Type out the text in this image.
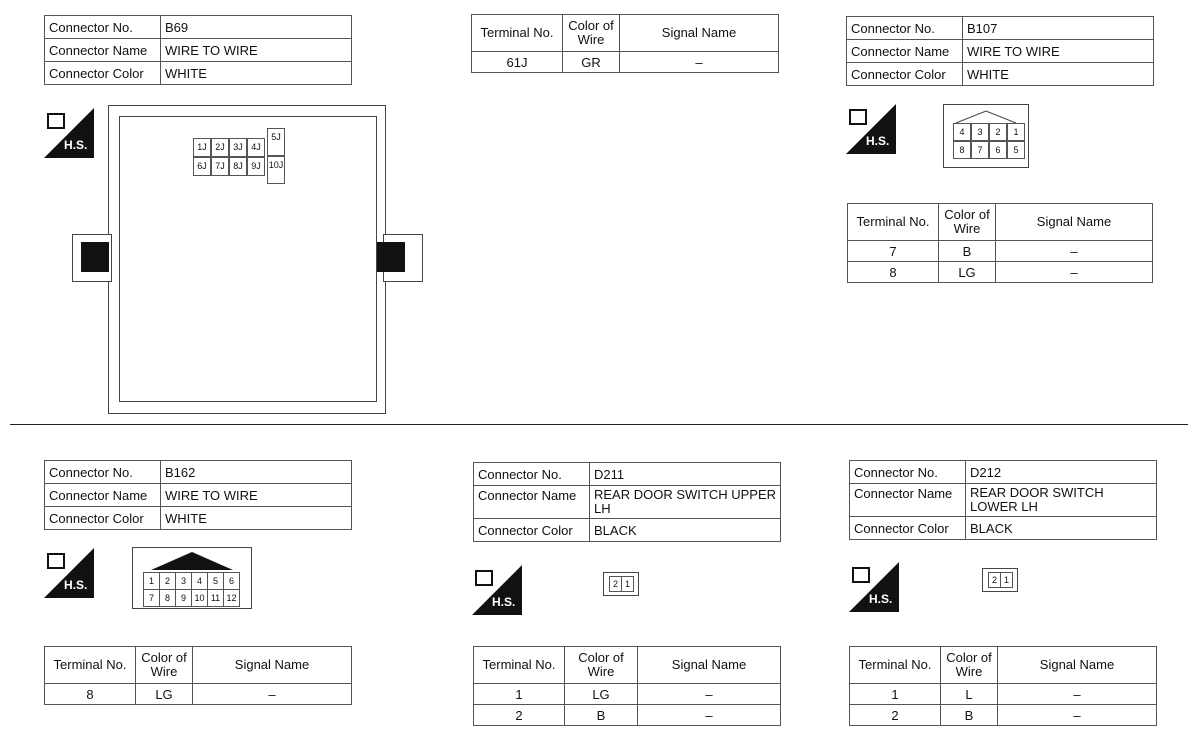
Connector No.	B69
Connector Name	WIRE TO WIRE
Connector Color	WHITE
H.S.	1J 2J 3J 4J
6J 7J 8J 9J
5J
10J
Terminal No.	Color of Wire	Signal Name
61J	GR	–
Connector No.	B107
Connector Name	WIRE TO WIRE
Connector Color	WHITE
H.S.
4	3	2	1
8	7	6	5
Terminal No.	Color of Wire	Signal Name
7	B	–
8	LG	–
Connector No.	B162
Connector Name	WIRE TO WIRE
Connector Color	WHITE
H.S.	1	2	3	4	5	6
7	8	9 10 11 12
Terminal No.	Color of Wire	Signal Name
8	LG	–
Connector No.	D211
Connector Name	REAR DOOR SWITCH UPPER LH
Connector Color	BLACK
H.S.
2 1
Terminal No.	Color of Wire	Signal Name
1	LG	–
2	B	–
Connector No.	D212
Connector Name	REAR DOOR SWITCH LOWER LH
Connector Color	BLACK
H.S.
2 1
Terminal No.	Color of Wire	Signal Name
1	L	–
2	B	–
